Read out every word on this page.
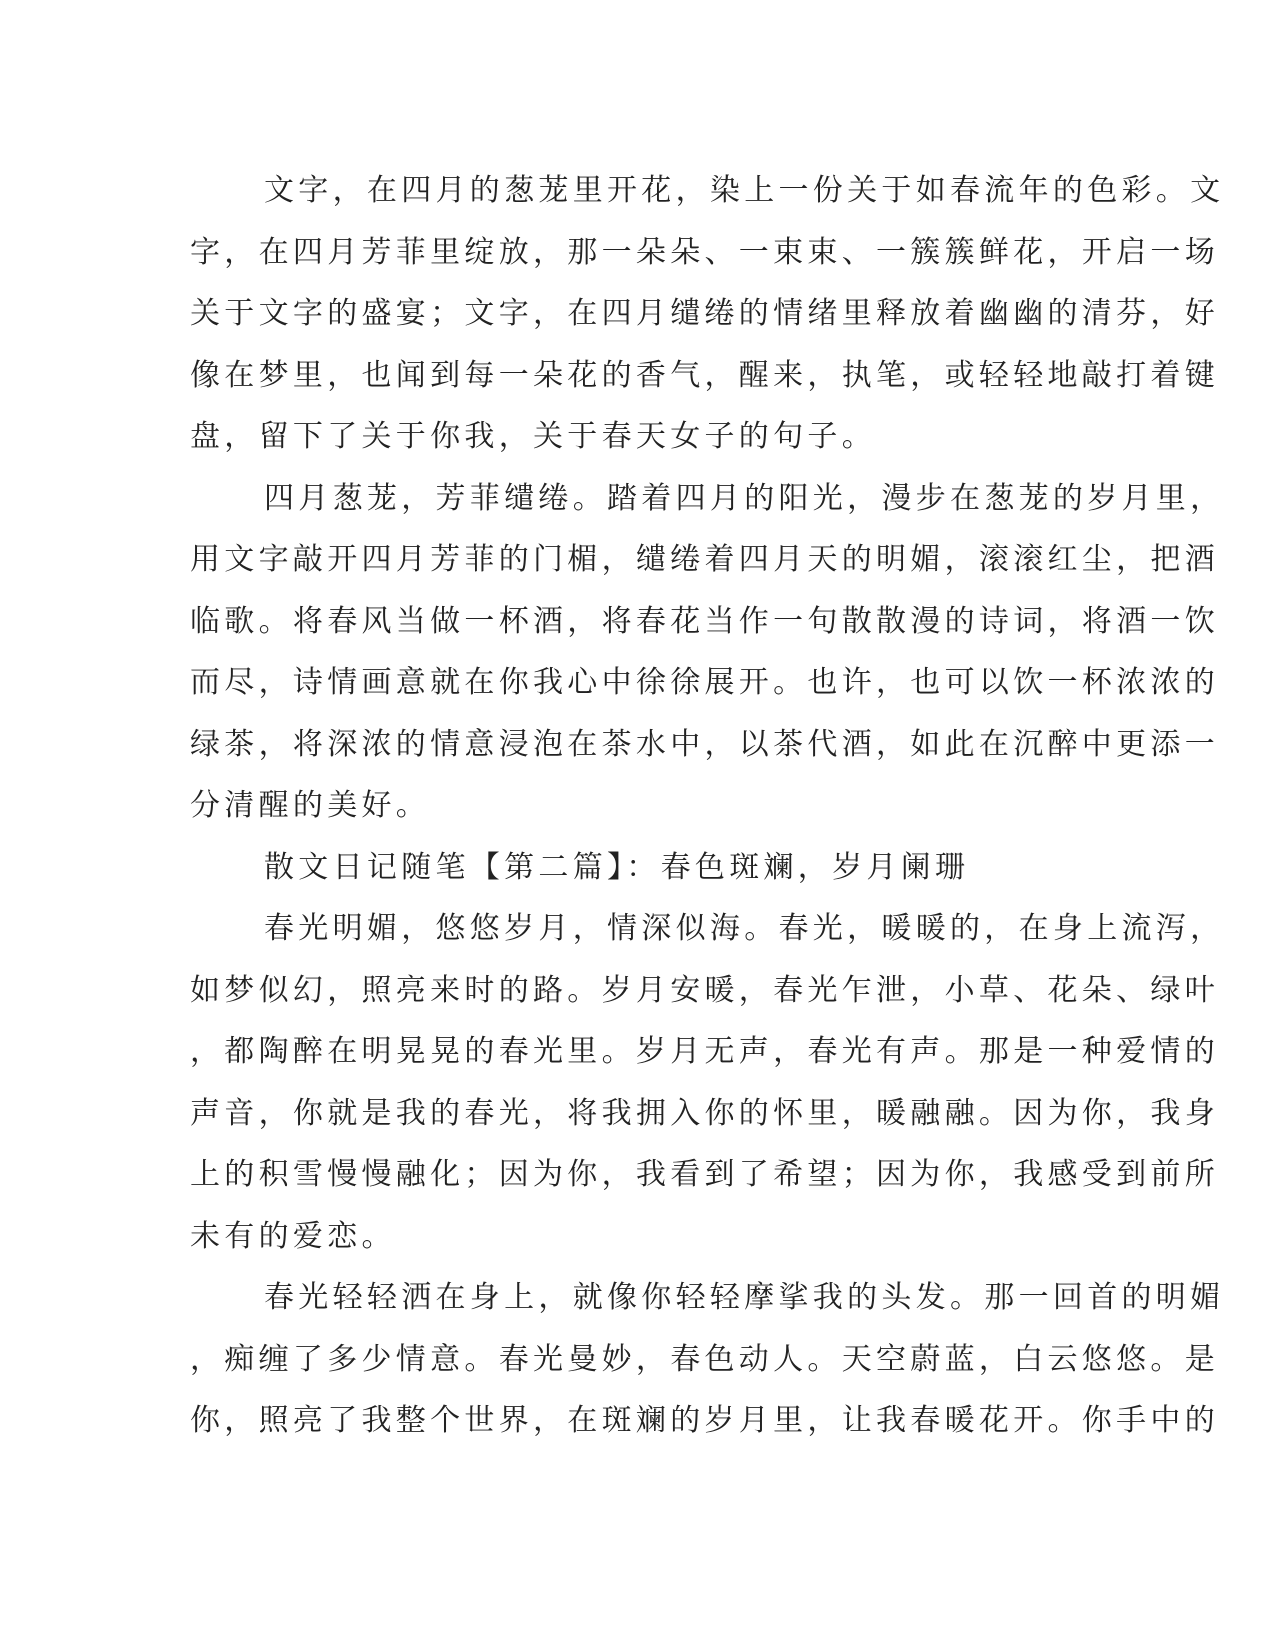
文字，在四月的葱茏里开花，染上一份关于如春流年的色彩。文
字，在四月芳菲里绽放，那一朵朵、一束束、一簇簇鲜花，开启一场
关于文字的盛宴；文字，在四月缱绻的情绪里释放着幽幽的清芬，好
像在梦里，也闻到每一朵花的香气，醒来，执笔，或轻轻地敲打着键
盘，留下了关于你我，关于春天女子的句子。
四月葱茏，芳菲缱绻。踏着四月的阳光，漫步在葱茏的岁月里，
用文字敲开四月芳菲的门楣，缱绻着四月天的明媚，滚滚红尘，把酒
临歌。将春风当做一杯酒，将春花当作一句散散漫的诗词，将酒一饮
而尽，诗情画意就在你我心中徐徐展开。也许，也可以饮一杯浓浓的
绿茶，将深浓的情意浸泡在茶水中，以茶代酒，如此在沉醉中更添一
分清醒的美好。
散文日记随笔【第二篇】：春色斑斓，岁月阑珊
春光明媚，悠悠岁月，情深似海。春光，暖暖的，在身上流泻，
如梦似幻，照亮来时的路。岁月安暖，春光乍泄，小草、花朵、绿叶
，都陶醉在明晃晃的春光里。岁月无声，春光有声。那是一种爱情的
声音，你就是我的春光，将我拥入你的怀里，暖融融。因为你，我身
上的积雪慢慢融化；因为你，我看到了希望；因为你，我感受到前所
未有的爱恋。
春光轻轻洒在身上，就像你轻轻摩挲我的头发。那一回首的明媚
，痴缠了多少情意。春光曼妙，春色动人。天空蔚蓝，白云悠悠。是
你，照亮了我整个世界，在斑斓的岁月里，让我春暖花开。你手中的
